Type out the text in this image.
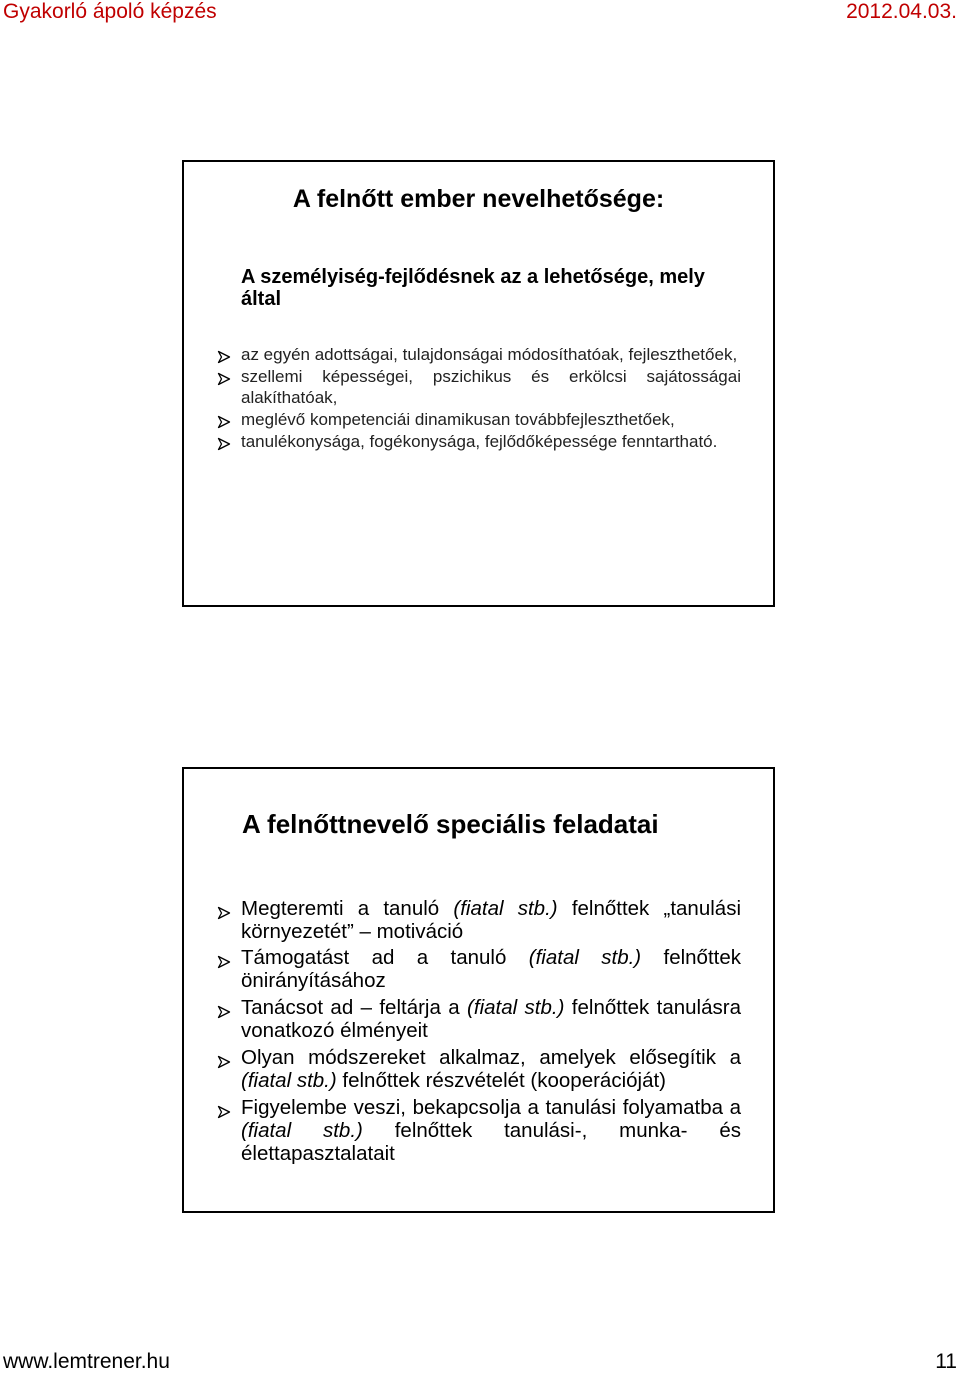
Gyakorló ápoló képzés	2012.04.03.
A felnőtt ember nevelhetősége:
A személyiség-fejlődésnek az a lehetősége, mely által
az egyén adottságai, tulajdonságai módosíthatóak, fejleszthetőek,
szellemi képességei, pszichikus és erkölcsi sajátosságai alakíthatóak,
meglévő kompetenciái dinamikusan továbbfejleszthetőek,
tanulékonysága, fogékonysága, fejlődőképessége fenntartható.
A felnőttnevelő speciális feladatai
Megteremti a tanuló (fiatal stb.) felnőttek „tanulási környezetét” – motiváció
Támogatást ad a tanuló (fiatal stb.) felnőttek önirányításához
Tanácsot ad – feltárja a (fiatal stb.) felnőttek tanulásra vonatkozó élményeit
Olyan módszereket alkalmaz, amelyek elősegítik a (fiatal stb.) felnőttek részvételét (kooperációját)
Figyelembe veszi, bekapcsolja a tanulási folyamatba a (fiatal stb.) felnőttek tanulási-, munka- és élettapasztalatait
www.lemtrener.hu	11
